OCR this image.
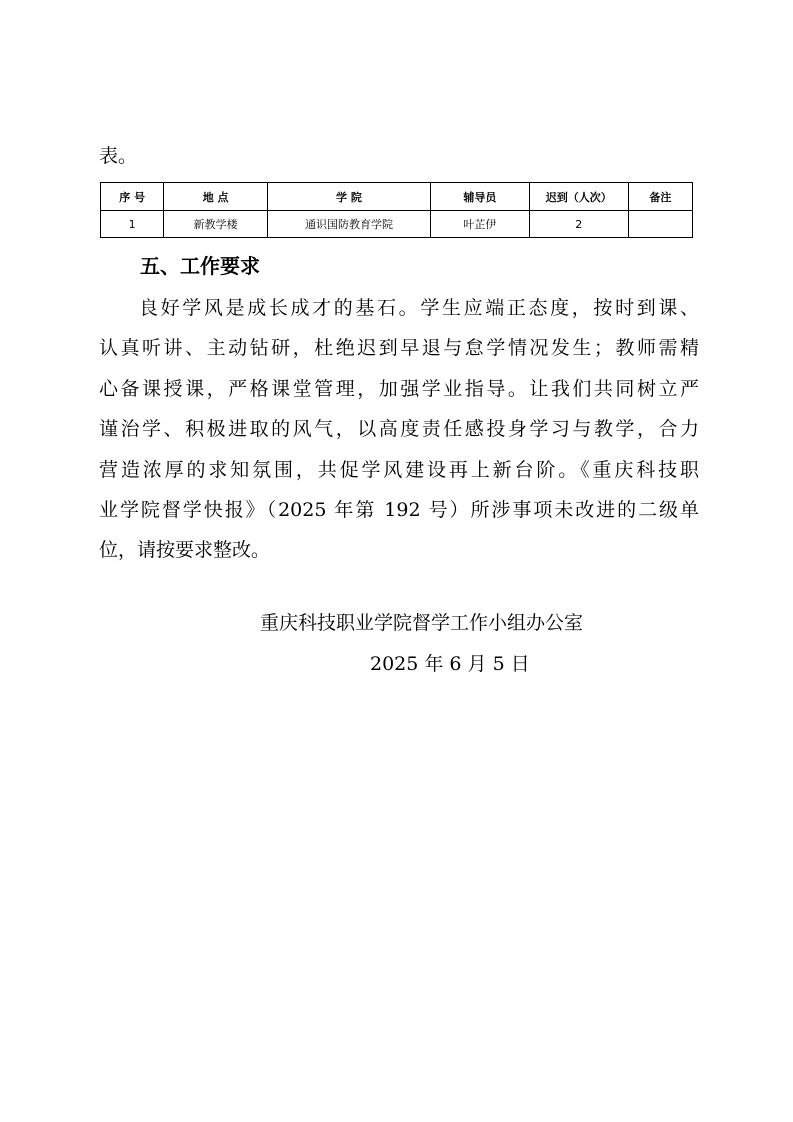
表。
序 号	地 点	学 院	辅导员	迟到（人次）	备注
1	新教学楼	通识国防教育学院	叶芷伊	2	
五、工作要求
良好学风是成长成才的基石。学生应端正态度，按时到课、
认真听讲、主动钻研，杜绝迟到早退与怠学情况发生；教师需精
心备课授课，严格课堂管理，加强学业指导。让我们共同树立严
谨治学、积极进取的风气，以高度责任感投身学习与教学，合力
营造浓厚的求知氛围，共促学风建设再上新台阶。《重庆科技职
业学院督学快报》（2025 年第 192 号）所涉事项未改进的二级单
位，请按要求整改。
重庆科技职业学院督学工作小组办公室
2025 年 6 月 5 日
